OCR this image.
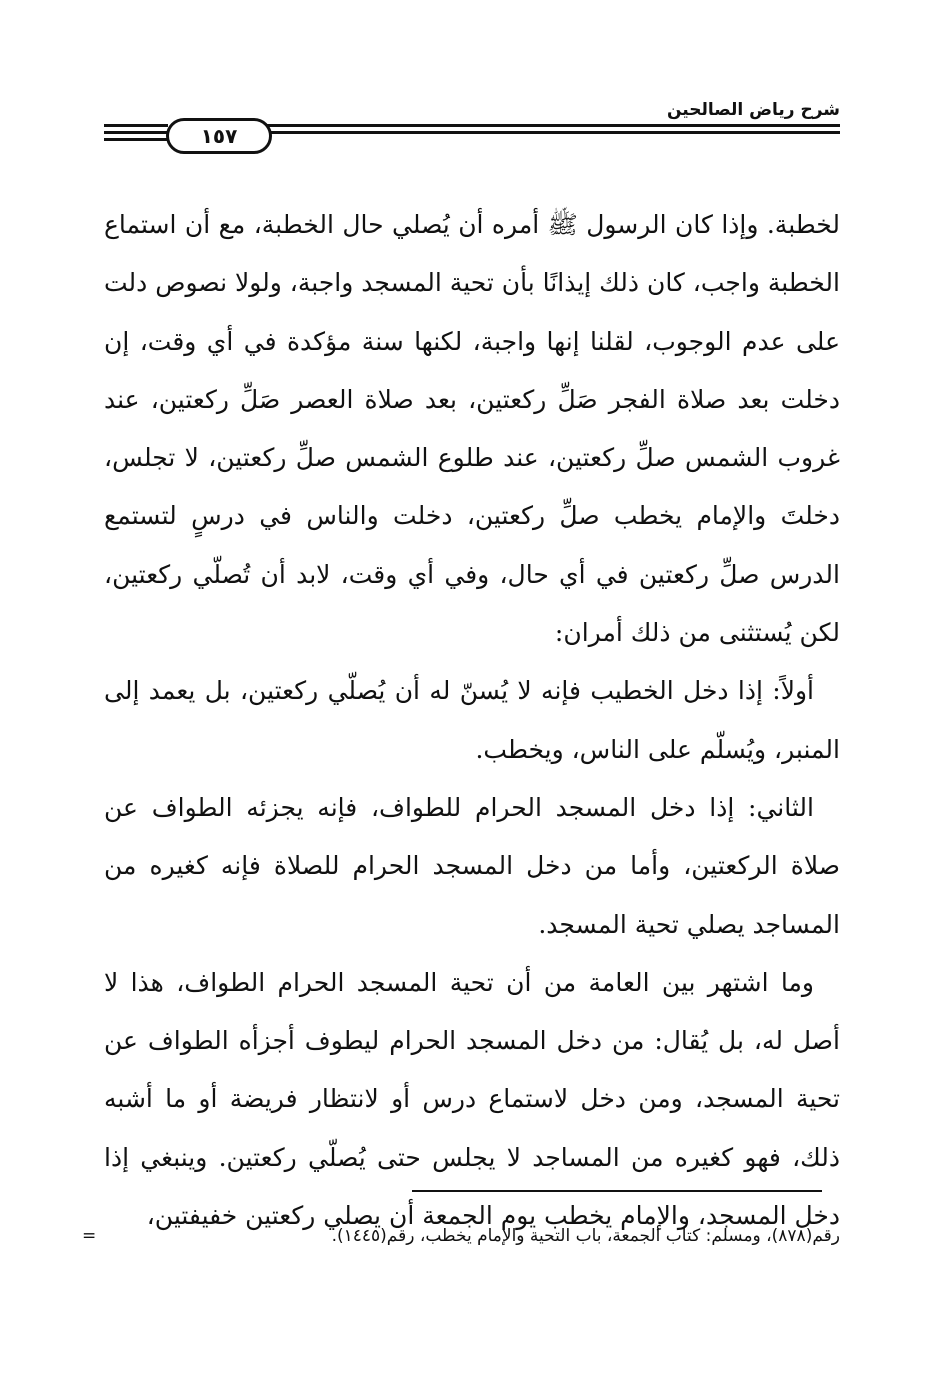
شرح رياض الصالحين
١٥٧

لخطبة. وإذا كان الرسول ﷺ أمره أن يُصلي حال الخطبة، مع أن استماع الخطبة واجب، كان ذلك إيذانًا بأن تحية المسجد واجبة، ولولا نصوص دلت على عدم الوجوب، لقلنا إنها واجبة، لكنها سنة مؤكدة في أي وقت، إن دخلت بعد صلاة الفجر صَلِّ ركعتين، بعد صلاة العصر صَلِّ ركعتين، عند غروب الشمس صلِّ ركعتين، عند طلوع الشمس صلِّ ركعتين، لا تجلس، دخلتَ والإمام يخطب صلِّ ركعتين، دخلت والناس في درسٍ لتستمع الدرس صلِّ ركعتين في أي حال، وفي أي وقت، لابد أن تُصلّي ركعتين، لكن يُستثنى من ذلك أمران:

أولاً: إذا دخل الخطيب فإنه لا يُسنّ له أن يُصلّي ركعتين، بل يعمد إلى المنبر، ويُسلّم على الناس، ويخطب.

الثاني: إذا دخل المسجد الحرام للطواف، فإنه يجزئه الطواف عن صلاة الركعتين، وأما من دخل المسجد الحرام للصلاة فإنه كغيره من المساجد يصلي تحية المسجد.

وما اشتهر بين العامة من أن تحية المسجد الحرام الطواف، هذا لا أصل له، بل يُقال: من دخل المسجد الحرام ليطوف أجزأه الطواف عن تحية المسجد، ومن دخل لاستماع درس أو لانتظار فريضة أو ما أشبه ذلك، فهو كغيره من المساجد لا يجلس حتى يُصلّي ركعتين. وينبغي إذا دخل المسجد، والإمام يخطب يوم الجمعة أن يصلي ركعتين خفيفتين،

رقم(٨٧٨)، ومسلم: كتاب الجمعة، باب التحية والإمام يخطب، رقم(١٤٤٥).
=
